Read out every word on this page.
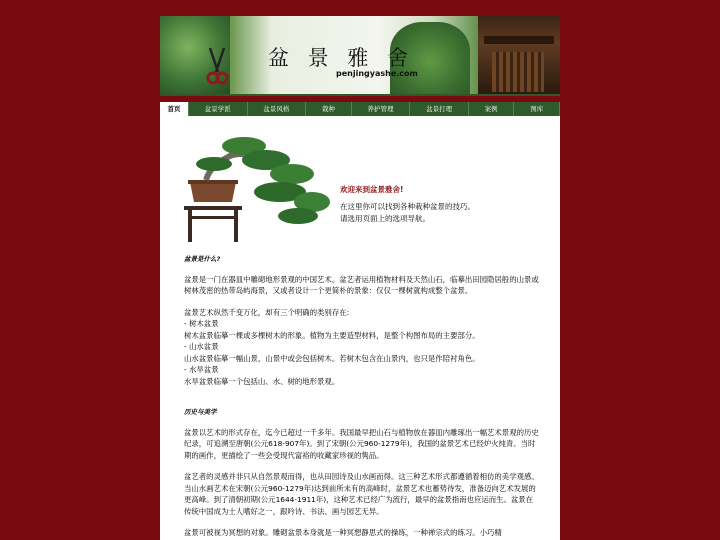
盆 景 雅 舍
penjingyashe.com
首页	盆景学派	盆景风格	栽种	养护管理	盆景打理	案例	图库
欢迎来到盆景雅舍!
在这里你可以找到各种栽种盆景的技巧。
请选用页面上的选项导航。
盆景是什么?

盆景是一门在器皿中雕砌地形景观的中国艺术。盆艺者运用植物材料及天然山石，临摹出田园隐居般的山景或树林茂密的热带岛屿海景，又或者设计一个更简朴的景象：仅仅一棵树就构成整个盆景。

盆景艺术纵然千变万化，却有三个明确的类别存在:
- 树木盆景
树木盆景临摹一棵或多棵树木的形象。植物为主要造型材料，是整个构图布局的主要部分。
- 山水盆景
山水盆景临摹一幅山景，山景中或会包括树木。若树木包含在山景内，也只是作陪衬角色。
- 水旱盆景
水旱盆景临摹一个包括山、水、树的地形景观。
历史与美学

盆景以艺术的形式存在，迄今已超过一千多年。我国最早把山石与植物放在器皿内雕琢出一幅艺术景观的历史纪录，可追溯至唐朝(公元618-907年)。到了宋朝(公元960-1279年)，我国的盆景艺术已经炉火纯青。当时期的画作，更描绘了一些会受现代富裕的收藏家珍视的隽品。

盆艺者的灵感并非只从自然景观而得，也从田园诗及山水画而得。这三种艺术形式都遵循着相仿的美学观感。当山水画艺术在宋朝(公元960-1279年)达到前所未有的高峰时，盆景艺术也蓄势待发，准备迈向艺术发展的更高峰。到了清朝初期(公元1644-1911年)，这种艺术已经广为流行，最早的盆景指南也应运而生。盆景在传统中国成为士人嗜好之一，跟吟诗、书法、画与园艺无异。

盆景可被视为冥想的对象。雕砌盆景本身就是一种冥想静思式的操练，一种禅宗式的练习。小巧精
